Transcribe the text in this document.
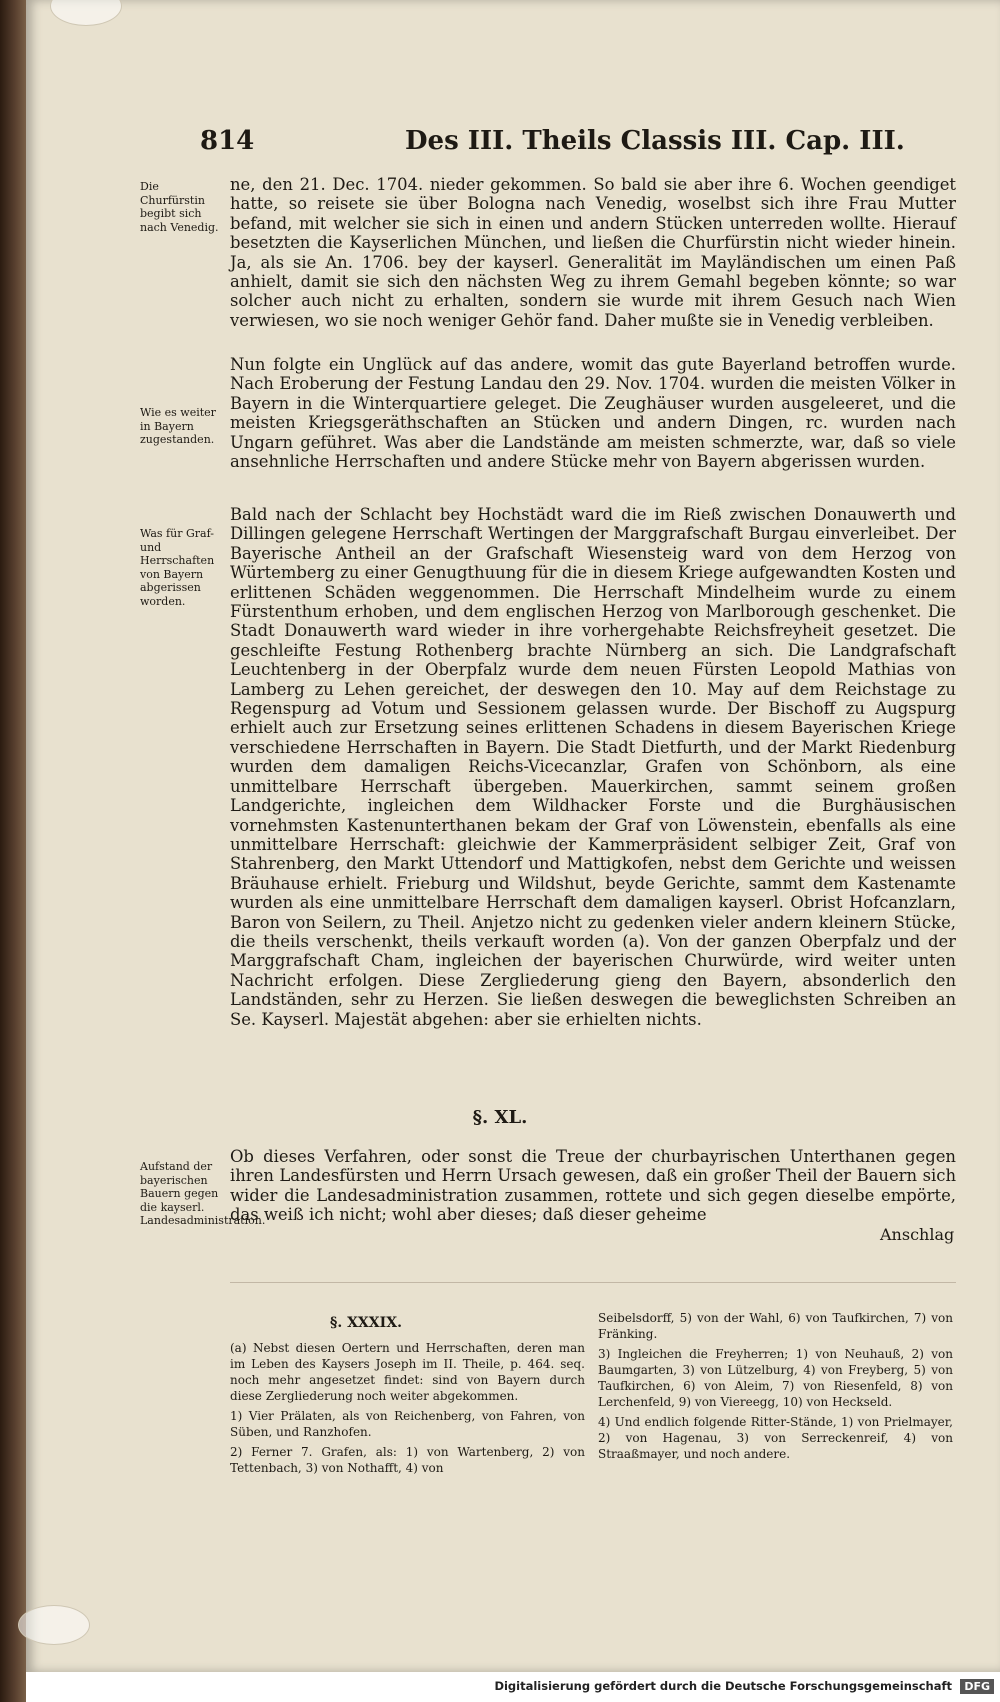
814	Des III. Theils Classis III. Cap. III.
Die Churfürstin begibt sich nach Venedig.
Wie es weiter in Bayern zugestanden.
Was für Graf- und Herrschaften von Bayern abgerissen worden.
Aufstand der bayerischen Bauern gegen die kayserl. Landesadministration.

ne, den 21. Dec. 1704. nieder gekommen. So bald sie aber ihre 6. Wochen geendiget hatte, so reisete sie über Bologna nach Venedig, woselbst sich ihre Frau Mutter befand, mit welcher sie sich in einen und andern Stücken unterreden wollte. Hierauf besetzten die Kayserlichen München, und ließen die Churfürstin nicht wieder hinein. Ja, als sie An. 1706. bey der kayserl. Generalität im Mayländischen um einen Paß anhielt, damit sie sich den nächsten Weg zu ihrem Gemahl begeben könnte; so war solcher auch nicht zu erhalten, sondern sie wurde mit ihrem Gesuch nach Wien verwiesen, wo sie noch weniger Gehör fand. Daher mußte sie in Venedig verbleiben.

Nun folgte ein Unglück auf das andere, womit das gute Bayerland betroffen wurde. Nach Eroberung der Festung Landau den 29. Nov. 1704. wurden die meisten Völker in Bayern in die Winterquartiere geleget. Die Zeughäuser wurden ausgeleeret, und die meisten Kriegsgeräthschaften an Stücken und andern Dingen, rc. wurden nach Ungarn geführet. Was aber die Landstände am meisten schmerzte, war, daß so viele ansehnliche Herrschaften und andere Stücke mehr von Bayern abgerissen wurden.

Bald nach der Schlacht bey Hochstädt ward die im Rieß zwischen Donauwerth und Dillingen gelegene Herrschaft Wertingen der Marggrafschaft Burgau einverleibet. Der Bayerische Antheil an der Grafschaft Wiesensteig ward von dem Herzog von Würtemberg zu einer Genugthuung für die in diesem Kriege aufgewandten Kosten und erlittenen Schäden weggenommen. Die Herrschaft Mindelheim wurde zu einem Fürstenthum erhoben, und dem englischen Herzog von Marlborough geschenket. Die Stadt Donauwerth ward wieder in ihre vorhergehabte Reichsfreyheit gesetzet. Die geschleifte Festung Rothenberg brachte Nürnberg an sich. Die Landgrafschaft Leuchtenberg in der Oberpfalz wurde dem neuen Fürsten Leopold Mathias von Lamberg zu Lehen gereichet, der deswegen den 10. May auf dem Reichstage zu Regenspurg ad Votum und Sessionem gelassen wurde. Der Bischoff zu Augspurg erhielt auch zur Ersetzung seines erlittenen Schadens in diesem Bayerischen Kriege verschiedene Herrschaften in Bayern. Die Stadt Dietfurth, und der Markt Riedenburg wurden dem damaligen Reichs-Vicecanzlar, Grafen von Schönborn, als eine unmittelbare Herrschaft übergeben. Mauerkirchen, sammt seinem großen Landgerichte, ingleichen dem Wildhacker Forste und die Burghäusischen vornehmsten Kastenunterthanen bekam der Graf von Löwenstein, ebenfalls als eine unmittelbare Herrschaft: gleichwie der Kammerpräsident selbiger Zeit, Graf von Stahrenberg, den Markt Uttendorf und Mattigkofen, nebst dem Gerichte und weissen Bräuhause erhielt. Frieburg und Wildshut, beyde Gerichte, sammt dem Kastenamte wurden als eine unmittelbare Herrschaft dem damaligen kayserl. Obrist Hofcanzlarn, Baron von Seilern, zu Theil. Anjetzo nicht zu gedenken vieler andern kleinern Stücke, die theils verschenkt, theils verkauft worden (a). Von der ganzen Oberpfalz und der Marggrafschaft Cham, ingleichen der bayerischen Churwürde, wird weiter unten Nachricht erfolgen. Diese Zergliederung gieng den Bayern, absonderlich den Landständen, sehr zu Herzen. Sie ließen deswegen die beweglichsten Schreiben an Se. Kayserl. Majestät abgehen: aber sie erhielten nichts.

§. XL.

Ob dieses Verfahren, oder sonst die Treue der churbayrischen Unterthanen gegen ihren Landesfürsten und Herrn Ursach gewesen, daß ein großer Theil der Bauern sich wider die Landesadministration zusammen, rottete und sich gegen dieselbe empörte, das weiß ich nicht; wohl aber dieses; daß dieser geheime

Anschlag
§. XXXIX.

(a) Nebst diesen Oertern und Herrschaften, deren man im Leben des Kaysers Joseph im II. Theile, p. 464. seq. noch mehr angesetzet findet: sind von Bayern durch diese Zergliederung noch weiter abgekommen.

1) Vier Prälaten, als von Reichenberg, von Fahren, von Süben, und Ranzhofen.

2) Ferner 7. Grafen, als: 1) von Wartenberg, 2) von Tettenbach, 3) von Nothafft, 4) von

Seibelsdorff, 5) von der Wahl, 6) von Taufkirchen, 7) von Fränking.

3) Ingleichen die Freyherren; 1) von Neuhauß, 2) von Baumgarten, 3) von Lützelburg, 4) von Freyberg, 5) von Taufkirchen, 6) von Aleim, 7) von Riesenfeld, 8) von Lerchenfeld, 9) von Viereegg, 10) von Heckseld.

4) Und endlich folgende Ritter-Stände, 1) von Prielmayer, 2) von Hagenau, 3) von Serreckenreif, 4) von Straaßmayer, und noch andere.

Digitalisierung gefördert durch die Deutsche Forschungsgemeinschaft	DFG
